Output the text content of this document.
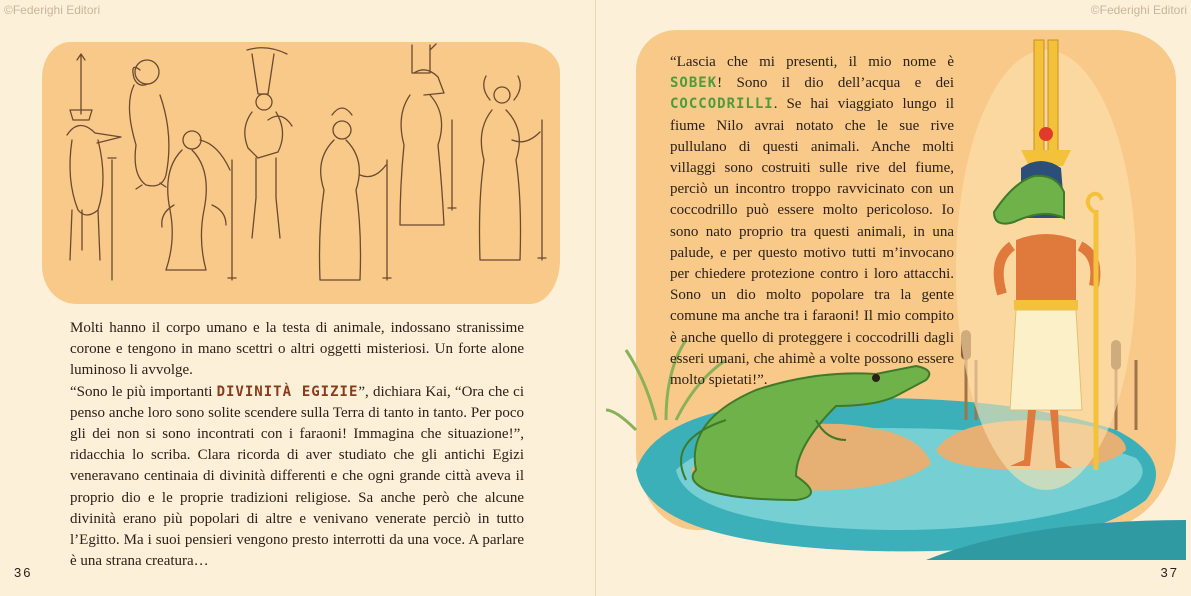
©Federighi Editori

Molti hanno il corpo umano e la testa di animale, indossano stranissime corone e tengono in mano scettri o altri oggetti misteriosi. Un forte alone luminoso li avvolge.

“Sono le più importanti DIVINITÀ EGIZIE”, dichiara Kai, “Ora che ci penso anche loro sono solite scendere sulla Terra di tanto in tanto. Per poco gli dei non si sono incontrati con i faraoni! Immagina che situazione!”, ridacchia lo scriba. Clara ricorda di aver studiato che gli antichi Egizi veneravano centinaia di divinità differenti e che ogni grande città aveva il proprio dio e le proprie tradizioni religiose. Sa anche però che alcune divinità erano più popolari di altre e venivano venerate perciò in tutto l’Egitto. Ma i suoi pensieri vengono presto interrotti da una voce. A parlare è una strana creatura…

36
©Federighi Editori

“Lascia che mi presenti, il mio nome è SOBEK! Sono il dio dell’acqua e dei COCCODRILLI. Se hai viaggiato lungo il fiume Nilo avrai notato che le sue rive pullulano di questi animali. Anche molti villaggi sono costruiti sulle rive del fiume, perciò un incontro troppo ravvicinato con un coccodrillo può essere molto pericoloso. Io sono nato proprio tra questi animali, in una palude, e per questo motivo tutti m’invocano per chiedere protezione contro i loro attacchi. Sono un dio molto popolare tra la gente comune ma anche tra i faraoni! Il mio compito è anche quello di proteggere i coccodrilli dagli esseri umani, che ahimè a volte possono essere molto spietati!”.

37
